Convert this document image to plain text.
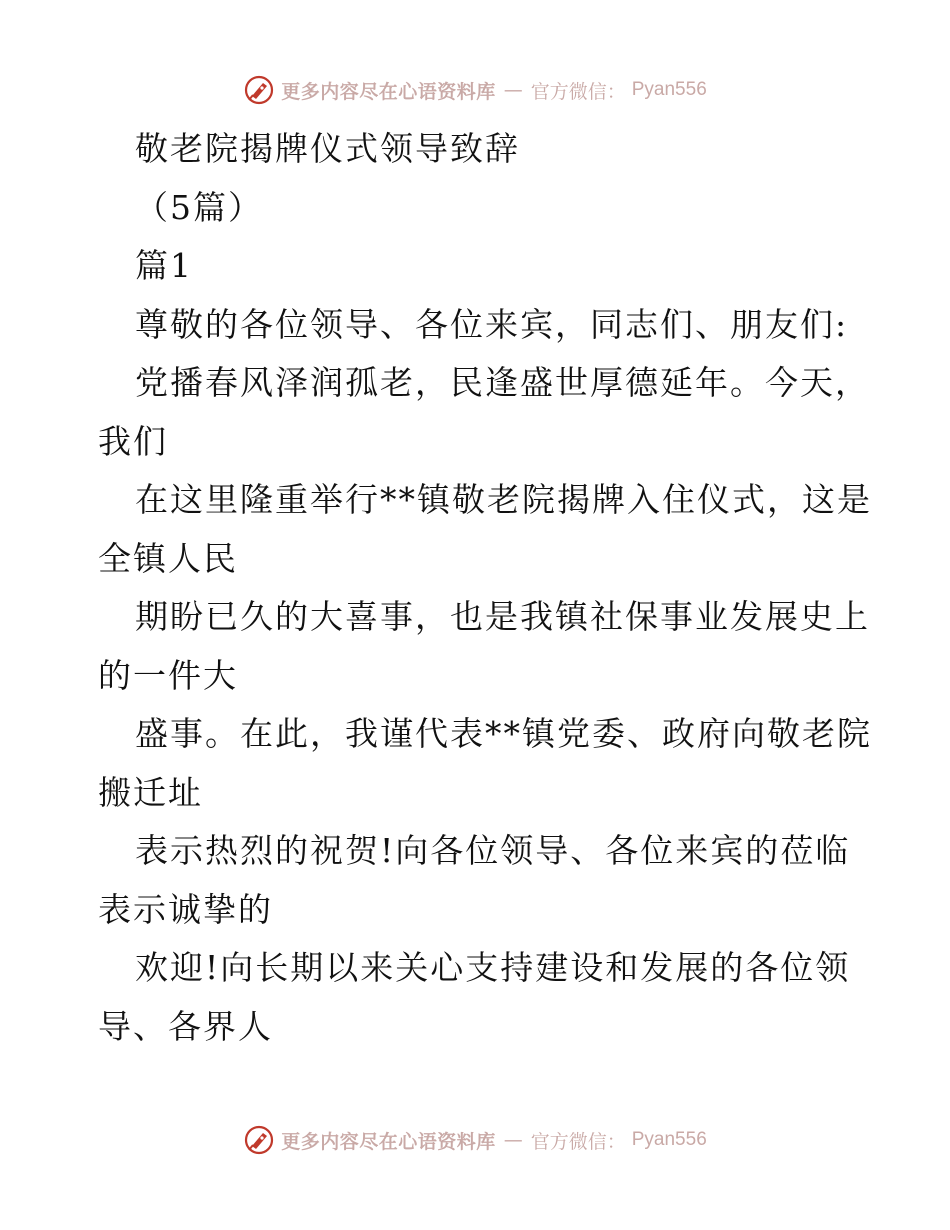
更多内容尽在心语资料库 — 官方微信： Pyan556
敬老院揭牌仪式领导致辞
（5篇）
篇1
尊敬的各位领导、各位来宾，同志们、朋友们:
党播春风泽润孤老，民逢盛世厚德延年。今天，
我们
在这里隆重举行**镇敬老院揭牌入住仪式，这是
全镇人民
期盼已久的大喜事，也是我镇社保事业发展史上
的一件大
盛事。在此，我谨代表**镇党委、政府向敬老院
搬迁址
表示热烈的祝贺!向各位领导、各位来宾的莅临
表示诚挚的
欢迎!向长期以来关心支持建设和发展的各位领
导、各界人
更多内容尽在心语资料库 — 官方微信： Pyan556
